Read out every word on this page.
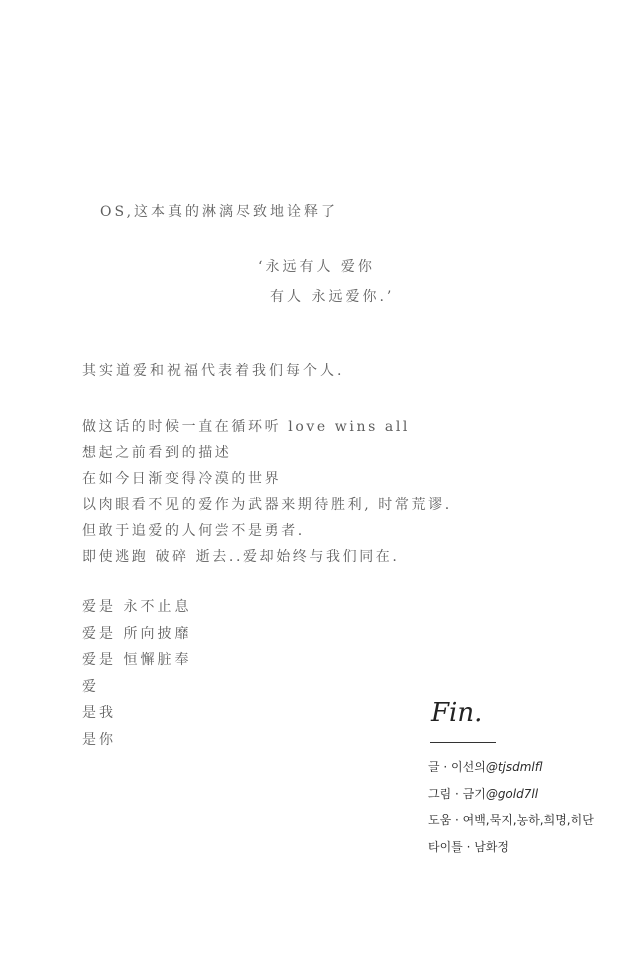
OS,这本真的淋漓尽致地诠释了
‘永远有人 爱你
有人 永远爱你.’
其实道爱和祝福代表着我们每个人.
做这话的时候一直在循环听 love wins all
想起之前看到的描述
在如今日渐变得冷漠的世界
以肉眼看不见的爱作为武器来期待胜利, 时常荒谬.
但敢于追爱的人何尝不是勇者.
即使逃跑 破碎 逝去..爱却始终与我们同在.
爱是 永不止息
爱是 所向披靡
爱是 恒懈脏奉
爱
是我
是你
Fin.
글 · 이선의@tjsdmlfl
그림 · 금기@gold7ll
도움 · 여백,묵지,농하,희명,히단
타이틀 · 남화정
